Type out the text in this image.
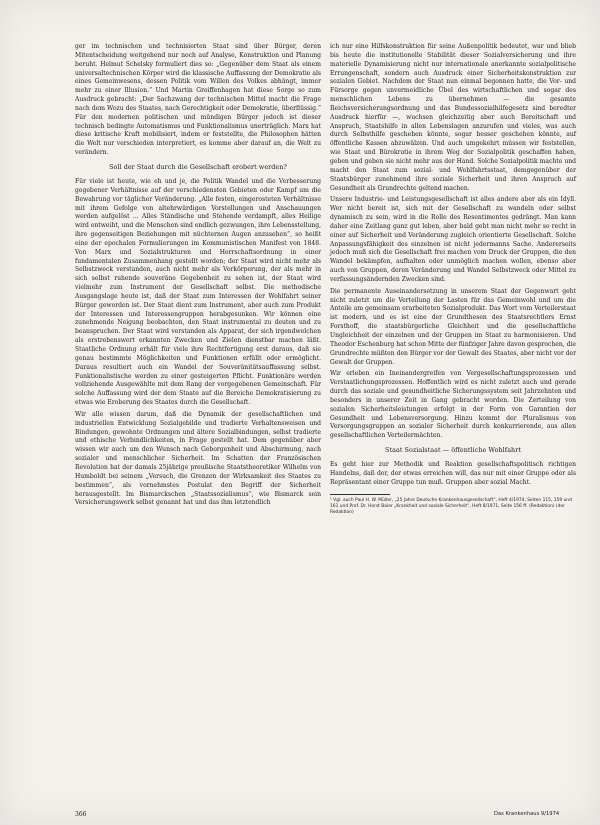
ger im technischen und technisierten Staat sind über Bürger, deren Mitentscheidung weitgehend nur noch auf Analyse, Konstruktion und Planung beruht. Helmut Schelsky formuliert dies so: „Gegenüber dem Staat als einem universaltechnischen Körper wird die klassische Auffassung der Demokratie als eines Gemeinwesens, dessen Politik vom Willen des Volkes abhängt, immer mehr zu einer Illusion.“ Und Martin Greiffenhagen hat diese Sorge so zum Ausdruck gebracht: „Der Sachzwang der technischen Mittel macht die Frage nach dem Wozu des Staates, nach Gerechtigkeit oder Demokratie, überflüssig.“ Für den modernen politischen und mündigen Bürger jedoch ist dieser technisch bedingte Automatismus und Funktionalismus unerträglich. Marx hat diese kritische Kraft mobilisiert, indem er feststellte, die Philosophen hätten die Welt nur verschieden interpretiert, es komme aber darauf an, die Welt zu verändern.

Soll der Staat durch die Gesellschaft erobert werden?

Für viele ist heute, wie eh und je, die Politik Wandel und die Verbesserung gegebener Verhältnisse auf der verschiedensten Gebieten oder Kampf um die Bewahrung vor täglicher Veränderung. „Alle festen, eingerosteten Verhältnisse mit ihrem Gefolge von altehrwürdigen Vorstellungen und Anschauungen werden aufgelöst ... Alles Ständische und Stehende verdampft, alles Heilige wird entweiht, und die Menschen sind endlich gezwungen, ihre Lebensstellung, ihre gegenseitigen Beziehungen mit nüchternen Augen anzusehen“, so heißt eine der epochalen Formulierungen im Kommunistischen Manifest von 1848. Von Marx und Sozialstrukturen und Herrschaftsordnung in einer fundamentalen Zusammenhang gestellt worden; der Staat wird nicht mehr als Selbstzweck verstanden, auch nicht mehr als Verkörperung, der als mehr in sich selbst ruhende souveräne Gegebenheit zu sehen ist, der Staat wird vielmehr zum Instrument der Gesellschaft selbst. Die methodische Ausgangslage heute ist, daß der Staat zum Interessen der Wohlfahrt seiner Bürger geworden ist. Der Staat dient zum Instrument, aber auch zum Produkt der Interessen und Interessengruppen herabgesunken. Wir können eine zunehmende Neigung beobachten, den Staat instrumental zu deuten und zu beanspruchen. Der Staat wird verstanden als Apparat, der sich irgendwelchen als erstrebenswert erkannten Zwecken und Zielen dienstbar machen läßt. Staatliche Ordnung erhält für viele ihre Rechtfertigung erst daraus, daß sie genau bestimmte Möglichkeiten und Funktionen erfüllt oder ermöglicht. Daraus resultiert auch ein Wandel der Souveränitätsauffassung selbst. Funktionalistische werden zu einer gesteigerten Pflicht. Funktionäre werden vollziehende Ausgewählte mit dem Rang der vorgegebenen Gemeinschaft. Für solche Auffassung wird der dem Staate auf die Bereiche Demokratisierung zu etwas wie Eroberung des Staates durch die Gesellschaft.

Wir alle wissen darum, daß die Dynamik der gesellschaftlichen und industriellen Entwicklung Sozialgebilde und tradierte Verhaltensweisen und Bindungen, gewohnte Ordnungen und ältere Sozialbindungen, selbst tradierte und ethische Verbindlichkeiten, in Frage gestellt hat. Dem gegenüber aber wissen wir auch um den Wunsch nach Geborgenheit und Abschirmung, nach sozialer und menschlicher Sicherheit. Im Schatten der Französischen Revolution hat der damals 25jährige preußische Staatstheoretiker Wilhelm von Humboldt bei seinem „Versuch, die Grenzen der Wirksamkeit des Staates zu bestimmen“, als vornehmstes Postulat den Begriff der Sicherheit herausgestellt. Im Bismarckschen „Staatssozialismus“, wie Bismarck sein Versicherungswerk selbst genannt hat und das ihm letztendlich

ich nur eine Hilfskonstruktion für seine Außenpolitik bedeutet, war und blieb bis heute die institutionelle Stabilität dieser Sozialversicherung und ihre materielle Dynamisierung nicht nur internationale anerkannte sozialpolitische Errungenschaft, sondern auch Ausdruck einer Sicherheitskonstruktion zur sozialen Gebiet. Nachdem der Staat nun einmal begonnen hatte, die Vor- und Fürsorge gegen unvermeidliche Übel des wirtschaftlichen und sogar des menschlichen Lebens zu übernehmen — die gesamte Reichsversicherungsordnung und das Bundessozialhilfegesetz sind beredter Ausdruck hierfür —, wuchsen gleichzeitig aber auch Bereitschaft und Anspruch, Staatshilfe in allen Lebenslagen anzurufen und vieles, was auch durch Selbsthilfe geschehen könnte, sogar besser geschehen könnte, auf öffentliche Kassen abzuwälzen. Und auch umgekehrt müssen wir feststellen, wie Staat und Bürokratie in ihrem Weg der Sozialpolitik geschaffen haben, geben und geben sie nicht mehr aus der Hand. Solche Sozialpolitik machte und macht den Staat zum sozial- und Wohlfahrtsstaat, demgegenüber der Staatsbürger zunehmend ihre soziale Sicherheit und ihren Anspruch auf Gesundheit als Grundrechte geltend machen.

Unsere Industrie- und Leistungsgesellschaft ist alles andere aber als ein Idyll. Wer nicht bereit ist, sich mit der Gesellschaft zu wandeln oder selbst dynamisch zu sein, wird in die Rolle des Resentimentes gedrängt. Man kann daher eine Zeitlang ganz gut leben, aber bald geht man nicht mehr so recht in einer auf Sicherheit und Veränderung zugleich orientierte Gesellschaft. Solche Anpassungsfähigkeit des einzelnen ist nicht jedermanns Sache. Andererseits jedoch muß sich die Gesellschaft frei machen vom Druck der Gruppen, die den Wandel bekämpfen, aufhalten oder unmöglich machen wollen, ebenso aber auch von Gruppen, deren Veränderung und Wandel Selbstzweck oder Mittel zu verfassungsändernden Zwecken sind.

Die permanente Auseinandersetzung in unserem Staat der Gegenwart geht nicht zuletzt um die Verteilung der Lasten für das Gemeinwohl und um die Anteile am gemeinsam erarbeiteten Sozialprodukt. Das Wort vom Verteilerstaat ist modern, und es ist eine der Grundthesen des Staatsrechtlers Ernst Forsthoff, die staatsbürgerliche Gleichheit und die gesellschaftliche Ungleichheit der einzelnen und der Gruppen im Staat zu harmonisieren. Und Theodor Eschenburg hat schon Mitte der fünfziger Jahre davon gesprochen, die Grundrechte müßten den Bürger vor der Gewalt des Staates, aber nicht vor der Gewalt der Gruppen.

Wir erleben ein Ineinandergreifen von Vergesellschaftungsprozessen und Verstaatlichungsprozessen. Hoffentlich wird es nicht zuletzt auch und gerade durch das soziale und gesundheitliche Sicherungssystem seit Jahrzehnten und besonders in unserer Zeit in Gang gebracht worden. Die Zerteilung von sozialen Sicherheitsleistungen erfolgt in der Form von Garantien der Gesundheit und Lebensversorgung. Hinzu kommt der Pluralismus von Versorgungsgruppen an sozialer Sicherheit durch konkurrierende, aus allen gesellschaftlichen Verteilermächten.

Staat Sozialstaat — öffentliche Wohlfahrt

Es geht hier zur Methodik und Reaktion gesellschaftspolitisch richtigen Handelns, daß der, der etwas erreichen will, das nur mit einer Gruppe oder als Repräsentant einer Gruppe tun muß. Gruppen aber sozial Macht.

¹ Vgl. auch Paul H. W. Müller, „25 Jahre Deutsche Krankenhausgesellschaft“, Heft 4/1974, Seiten 115, 159 und 161 und Prof. Dr. Horst Baier „Krankheit und soziale Sicherheit“, Heft 8/1971, Seite 156 ff. (Redaktion) (der Redaktion)
366	Das Krankenhaus 9/1974
